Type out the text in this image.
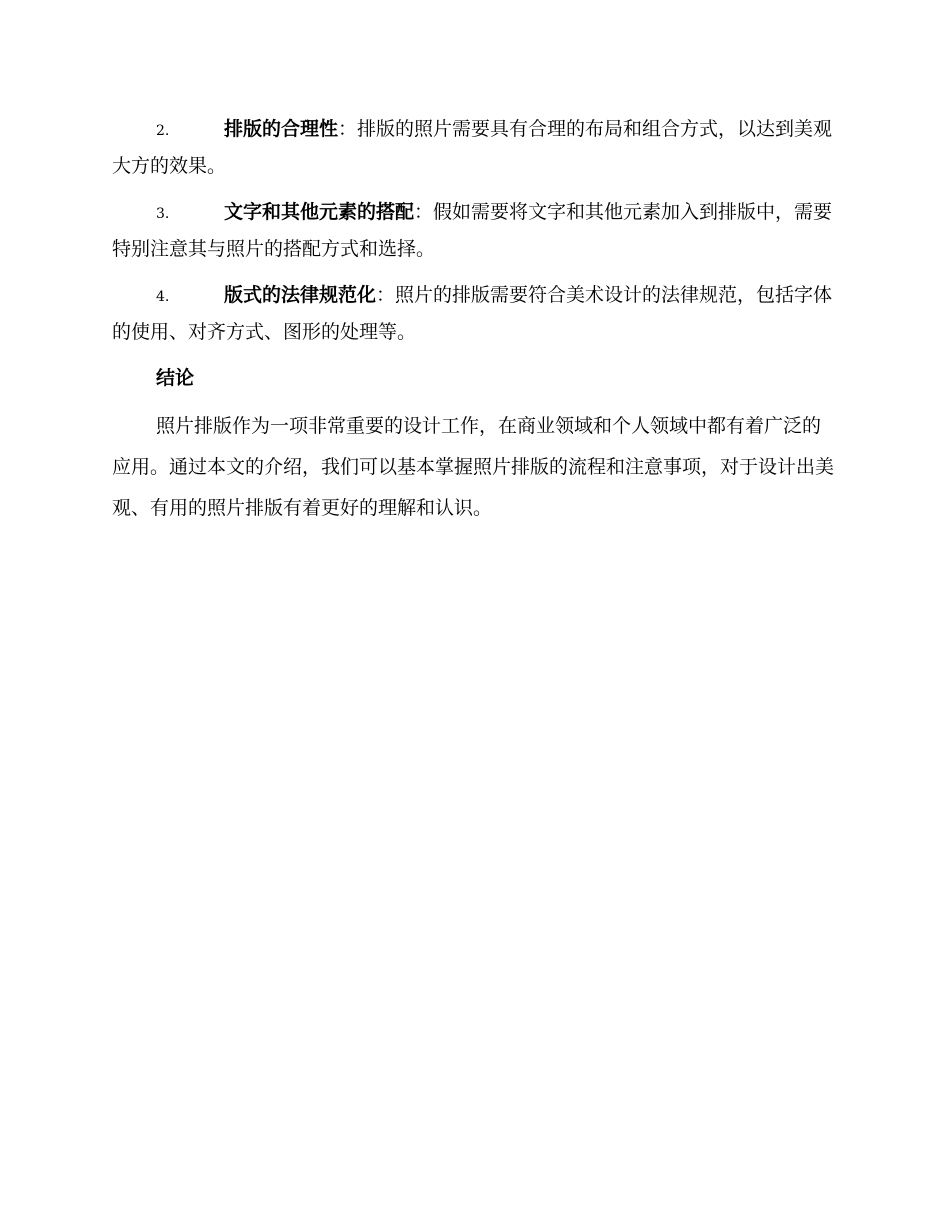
2.	排版的合理性：排版的照片需要具有合理的布局和组合方式，以达到美观大方的效果。

3.	文字和其他元素的搭配：假如需要将文字和其他元素加入到排版中，需要特别注意其与照片的搭配方式和选择。

4.	版式的法律规范化：照片的排版需要符合美术设计的法律规范，包括字体的使用、对齐方式、图形的处理等。

结论

照片排版作为一项非常重要的设计工作，在商业领域和个人领域中都有着广泛的应用。通过本文的介绍，我们可以基本掌握照片排版的流程和注意事项，对于设计出美观、有用的照片排版有着更好的理解和认识。
